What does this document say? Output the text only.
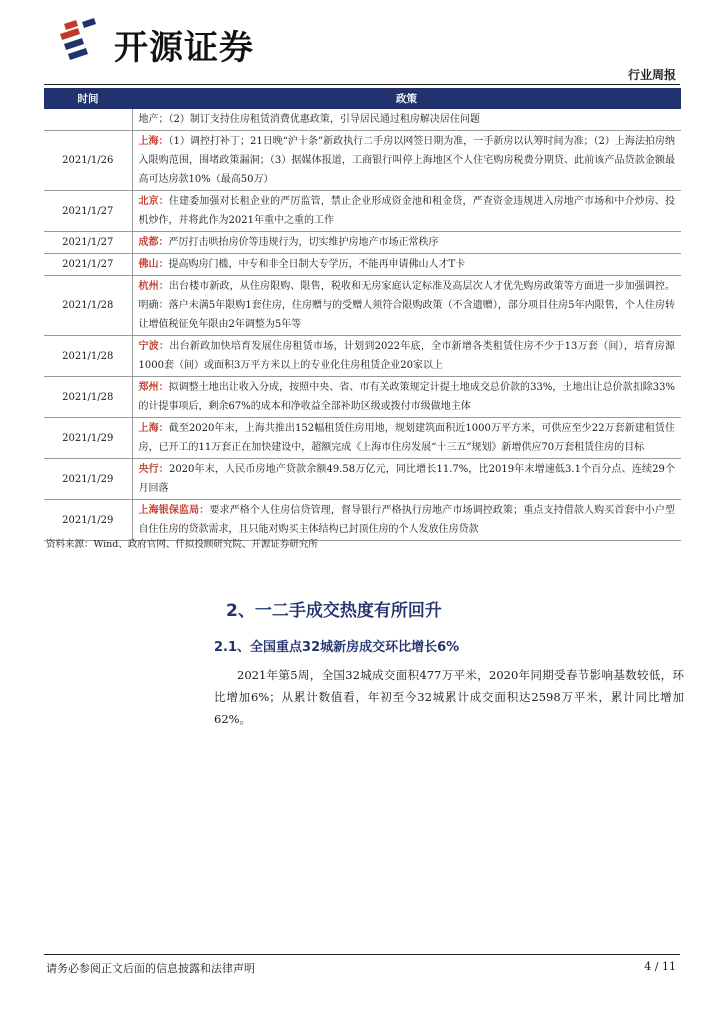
开源证券
行业周报
时间	政策
	地产；（2）制订支持住房租赁消费优惠政策，引导居民通过租房解决居住问题
2021/1/26	上海：（1）调控打补丁；21日晚“沪十条”新政执行二手房以网签日期为准，一手新房以认筹时间为准；（2）上海法拍房纳入限购范围，围堵政策漏洞；（3）据媒体报道，工商银行叫停上海地区个人住宅购房税费分期贷、此前该产品贷款金额最高可达房款10%（最高50万）
2021/1/27	北京：住建委加强对长租企业的严厉监管，禁止企业形成资金池和租金贷，严查资金违规进入房地产市场和中介炒房、投机炒作，并将此作为2021年重中之重的工作
2021/1/27	成都：严厉打击哄抬房价等违规行为，切实维护房地产市场正常秩序
2021/1/27	佛山：提高购房门槛，中专和非全日制大专学历，不能再申请佛山人才T卡
2021/1/28	杭州：出台楼市新政，从住房限购、限售，税收和无房家庭认定标准及高层次人才优先购房政策等方面进一步加强调控。明确：落户未满5年限购1套住房，住房赠与的受赠人须符合限购政策（不含遗赠），部分项目住房5年内限售，个人住房转让增值税征免年限由2年调整为5年等
2021/1/28	宁波：出台新政加快培育发展住房租赁市场，计划到2022年底，全市新增各类租赁住房不少于13万套（间），培育房源1000套（间）或面积3万平方米以上的专业化住房租赁企业20家以上
2021/1/28	郑州：拟调整土地出让收入分成，按照中央、省、市有关政策规定计提土地成交总价款的33%，土地出让总价款扣除33%的计提事项后，剩余67%的成本和净收益全部补助区级或拨付市级做地主体
2021/1/29	上海：截至2020年末，上海共推出152幅租赁住房用地，规划建筑面积近1000万平方米，可供应至少22万套新建租赁住房，已开工的11万套正在加快建设中，超额完成《上海市住房发展“十三五”规划》新增供应70万套租赁住房的目标
2021/1/29	央行：2020年末，人民币房地产贷款余额49.58万亿元，同比增长11.7%，比2019年末增速低3.1个百分点、连续29个月回落
2021/1/29	上海银保监局：要求严格个人住房信贷管理，督导银行严格执行房地产市场调控政策；重点支持借款人购买首套中小户型自住住房的贷款需求，且只能对购买主体结构已封顶住房的个人发放住房贷款
资料来源：Wind、政府官网、仟拟投顾研究院、开源证券研究所
2、一二手成交热度有所回升
2.1、全国重点32城新房成交环比增长6%
2021年第5周，全国32城成交面积477万平米，2020年同期受春节影响基数较低，环比增加6%；从累计数值看，年初至今32城累计成交面积达2598万平米，累计同比增加62%。
请务必参阅正文后面的信息披露和法律声明	4 / 11
